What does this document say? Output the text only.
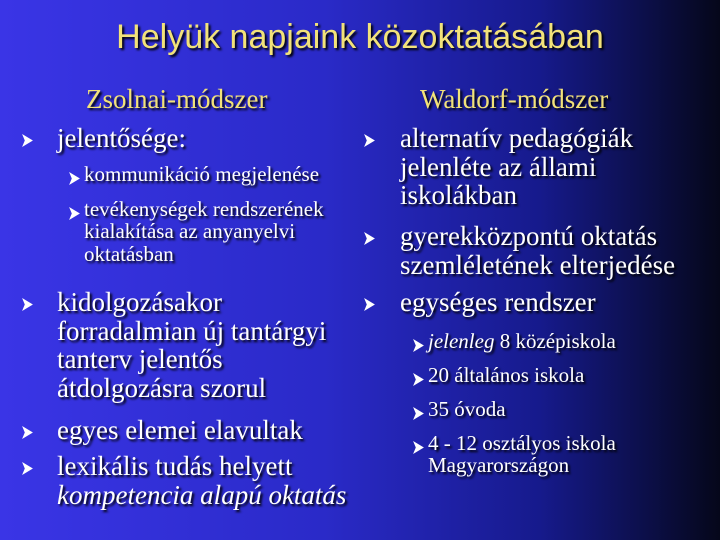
Helyük napjaink közoktatásában
Zsolnai-módszer
jelentősége:
kommunikáció megjelenése
tevékenységek rendszerének
kialakítása az anyanyelvi
oktatásban
kidolgozásakor
forradalmian új tantárgyi
tanterv jelentős
átdolgozásra szorul
egyes elemei elavultak
lexikális tudás helyett
kompetencia alapú oktatás
Waldorf-módszer
alternatív pedagógiák
jelenléte az állami
iskolákban
gyerekközpontú oktatás
szemléletének elterjedése
egységes rendszer
jelenleg 8 középiskola
20 általános iskola
35 óvoda
4 - 12 osztályos iskola
Magyarországon
